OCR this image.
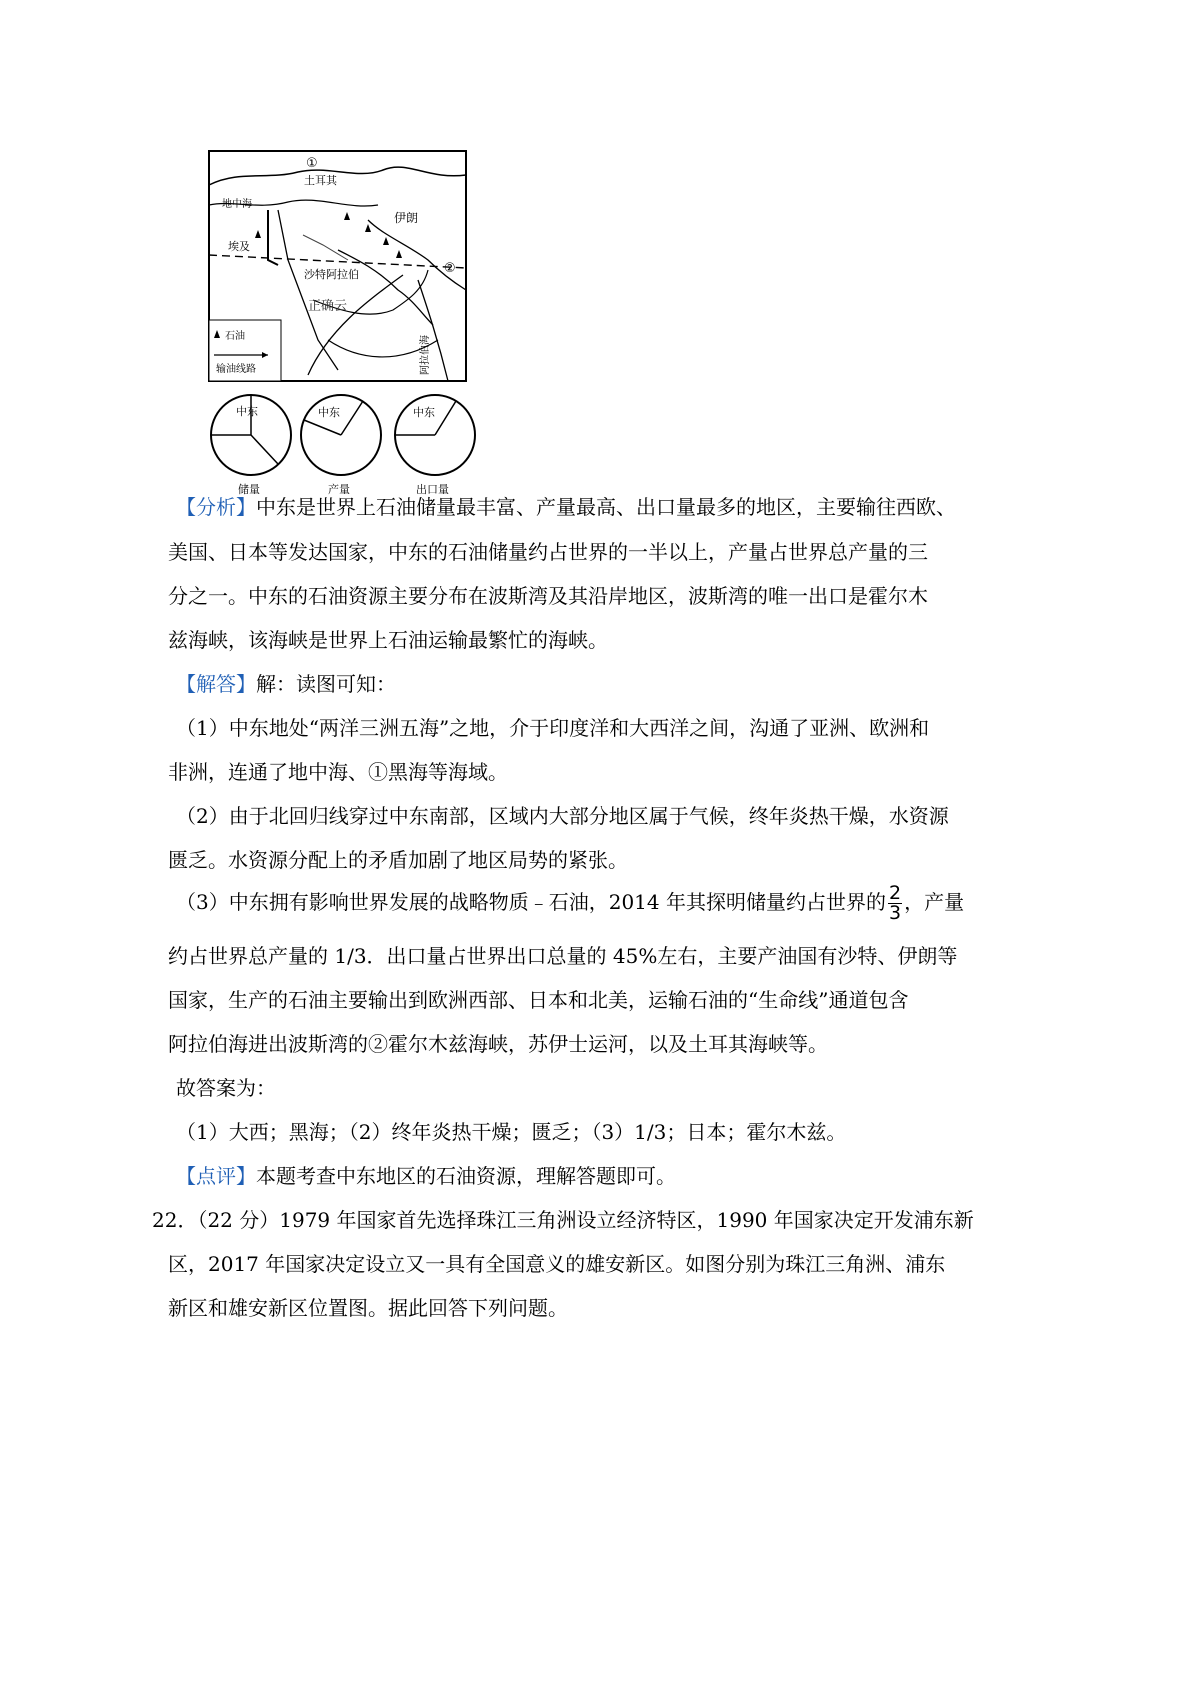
①
土耳其
地中海
伊朗
埃及
沙特阿拉伯
正确云
②
阿拉伯海
石油
输油线路
中东
储量
中东
产量
中东
出口量
【分析】中东是世界上石油储量最丰富、产量最高、出口量最多的地区，主要输往西欧、
美国、日本等发达国家，中东的石油储量约占世界的一半以上，产量占世界总产量的三
分之一。中东的石油资源主要分布在波斯湾及其沿岸地区，波斯湾的唯一出口是霍尔木
兹海峡，该海峡是世界上石油运输最繁忙的海峡。
【解答】解：读图可知：
（1）中东地处“两洋三洲五海”之地，介于印度洋和大西洋之间，沟通了亚洲、欧洲和
非洲，连通了地中海、①黑海等海域。
（2）由于北回归线穿过中东南部，区域内大部分地区属于气候，终年炎热干燥，水资源
匮乏。水资源分配上的矛盾加剧了地区局势的紧张。
（3）中东拥有影响世界发展的战略物质﹣石油，2014 年其探明储量约占世界的 $\frac{2}{3}$ ，产量
约占世界总产量的 1/3．出口量占世界出口总量的 45%左右，主要产油国有沙特、伊朗等
国家，生产的石油主要输出到欧洲西部、日本和北美，运输石油的“生命线”通道包含
阿拉伯海进出波斯湾的②霍尔木兹海峡，苏伊士运河，以及土耳其海峡等。
故答案为：
（1）大西；黑海；（2）终年炎热干燥；匮乏；（3）1/3；日本；霍尔木兹。
【点评】本题考查中东地区的石油资源，理解答题即可。
22．（22 分）1979 年国家首先选择珠江三角洲设立经济特区，1990 年国家决定开发浦东新
区，2017 年国家决定设立又一具有全国意义的雄安新区。如图分别为珠江三角洲、浦东
新区和雄安新区位置图。据此回答下列问题。
